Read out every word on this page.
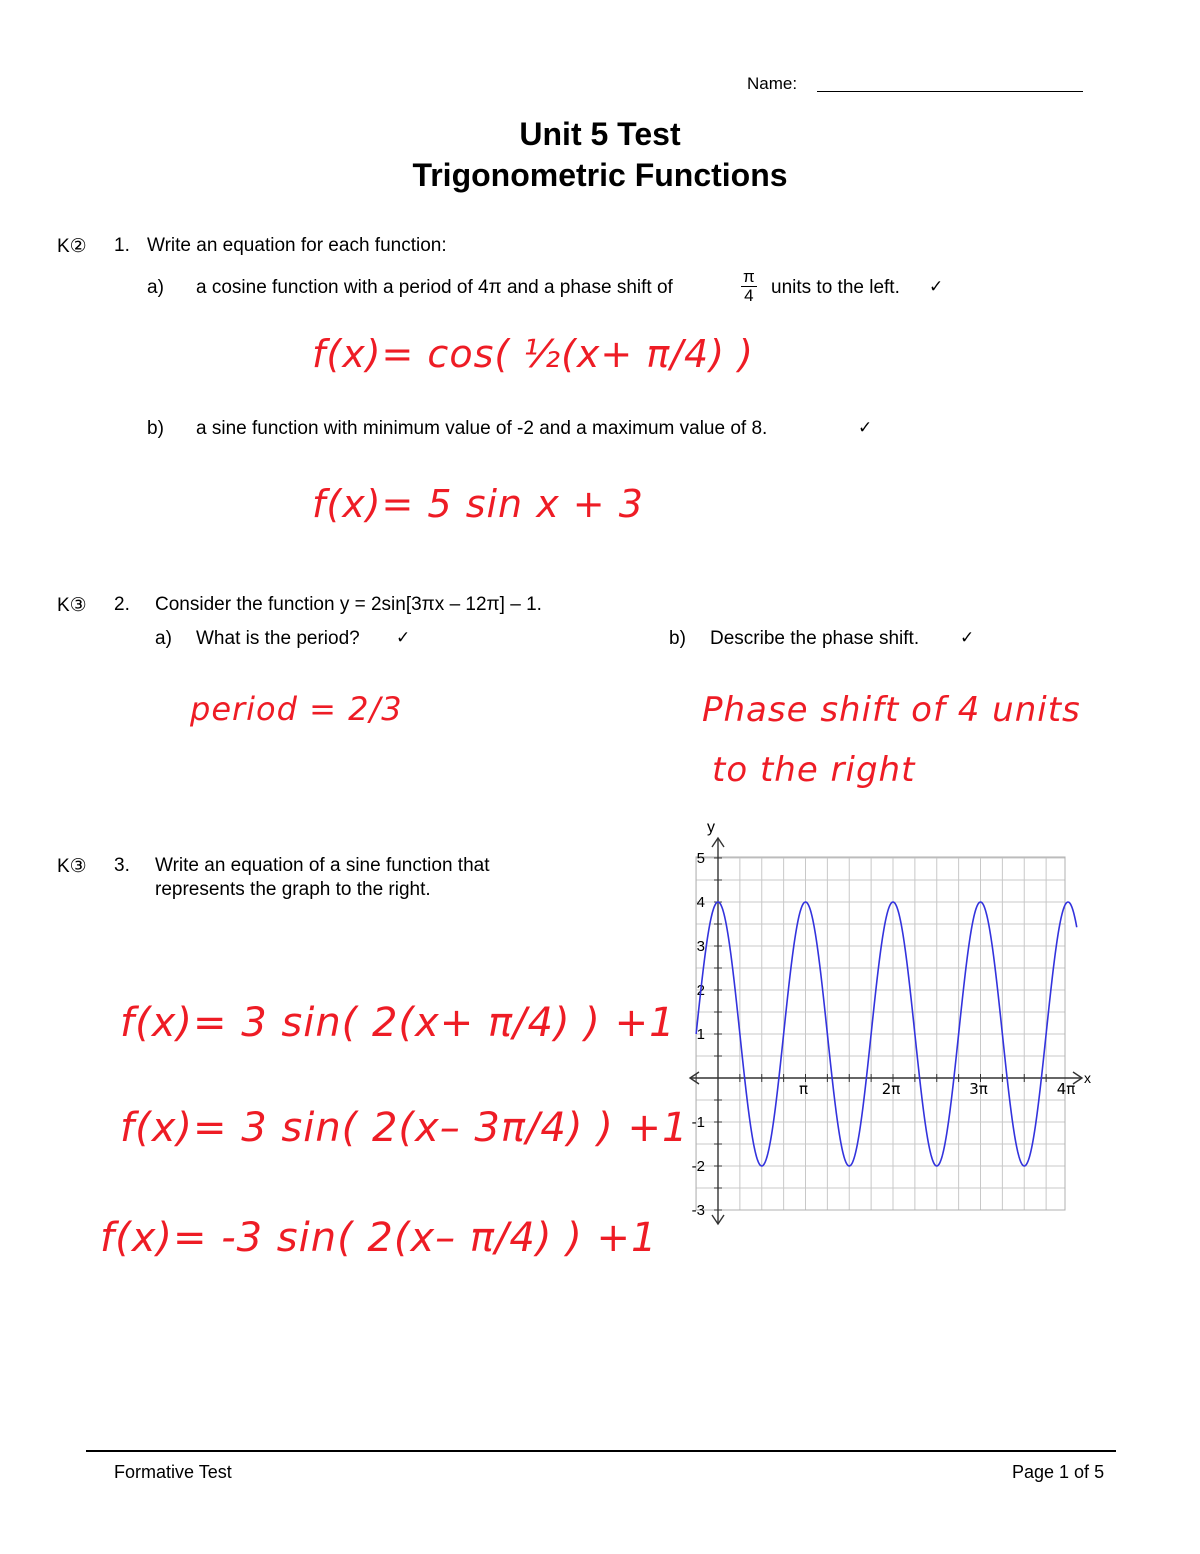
Name:
Unit 5 Test
Trigonometric Functions
K② 1. Write an equation for each function:
a) a cosine function with a period of 4π and a phase shift of	$\frac{\pi}{4}$ units to the left. ✓
f(x)= cos( ½(x+ π/4) )
b) a sine function with minimum value of -2 and a maximum value of 8.	✓
f(x)= 5 sin x + 3
K③ 2. Consider the function y = 2sin[3πx – 12π] – 1.
a) What is the period? ✓
period = 2/3
b) Describe the phase shift. ✓
Phase shift of 4 units
to the right
K③ 3. Write an equation of a sine function that
represents the graph to the right.
f(x)= 3 sin( 2(x+ π/4) ) +1
f(x)= 3 sin( 2(x– 3π/4) ) +1
f(x)= -3 sin( 2(x– π/4) ) +1
x
y
π	2π	3π	4π
5
4
3
2
1
-1
-2
-3
Formative Test	Page 1 of 5
